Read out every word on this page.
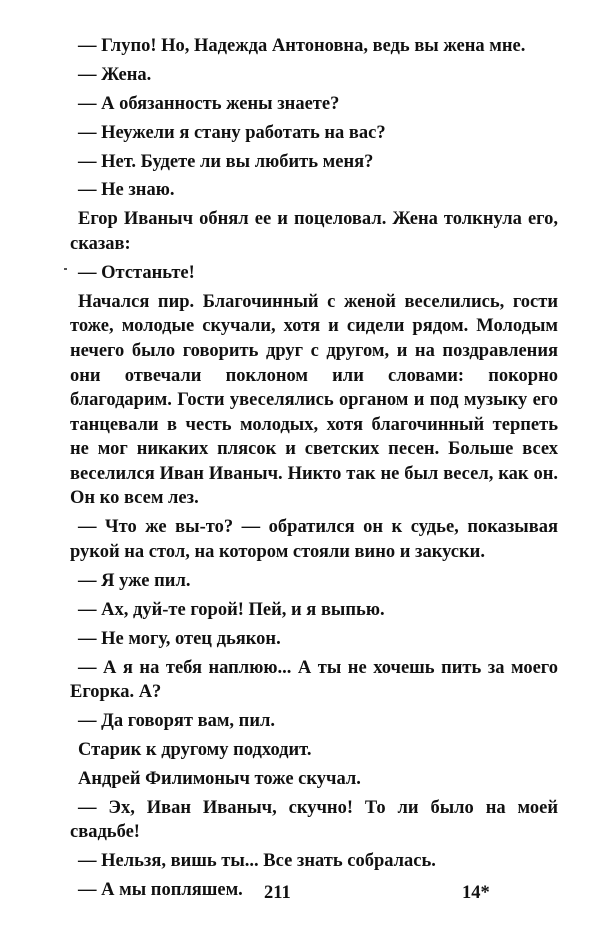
— Глупо! Но, Надежда Антоновна, ведь вы жена мне.

— Жена.

— А обязанность жены знаете?

— Неужели я стану работать на вас?

— Нет. Будете ли вы любить меня?

— Не знаю.

Егор Иваныч обнял ее и поцеловал. Жена толкнула его, сказав:

— Отстаньте!

Начался пир. Благочинный с женой веселились, гости тоже, молодые скучали, хотя и сидели рядом. Молодым нечего было говорить друг с другом, и на поздравления они отвечали поклоном или словами: покорно благодарим. Гости увеселялись органом и под музыку его танцевали в честь молодых, хотя благочинный терпеть не мог никаких плясок и светских песен. Больше всех веселился Иван Иваныч. Никто так не был весел, как он. Он ко всем лез.

— Что же вы-то? — обратился он к судье, показывая рукой на стол, на котором стояли вино и закуски.

— Я уже пил.

— Ах, дуй-те горой! Пей, и я выпью.

— Не могу, отец дьякон.

— А я на тебя наплюю... А ты не хочешь пить за моего Егорка. А?

— Да говорят вам, пил.

Старик к другому подходит.

Андрей Филимоныч тоже скучал.

— Эх, Иван Иваныч, скучно! То ли было на моей свадьбе!

— Нельзя, вишь ты... Все знать собралась.

— А мы попляшем.	211	14*
